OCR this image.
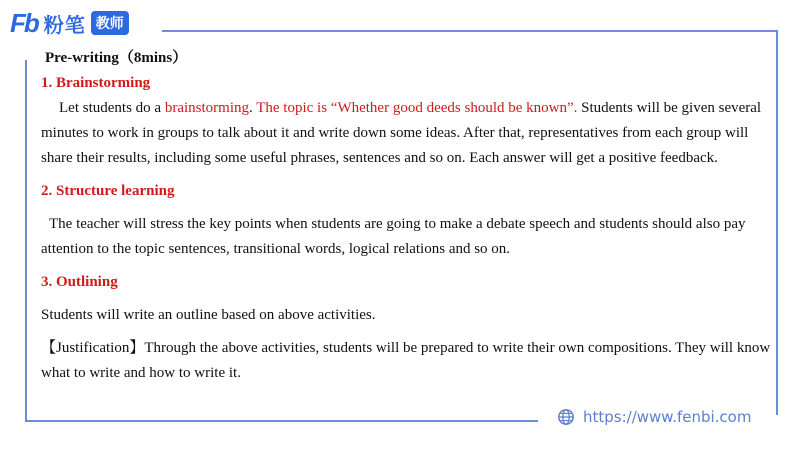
Fb 粉笔 教师
Pre-writing（8mins）
1. Brainstorming

Let students do a brainstorming. The topic is “Whether good deeds should be known”. Students will be given several minutes to work in groups to talk about it and write down some ideas. After that, representatives from each group will share their results, including some useful phrases, sentences and so on. Each answer will get a positive feedback.

2. Structure learning

The teacher will stress the key points when students are going to make a debate speech and students should also pay attention to the topic sentences, transitional words, logical relations and so on.

3. Outlining

Students will write an outline based on above activities.

【Justification】Through the above activities, students will be prepared to write their own compositions. They will know what to write and how to write it.

https://www.fenbi.com
